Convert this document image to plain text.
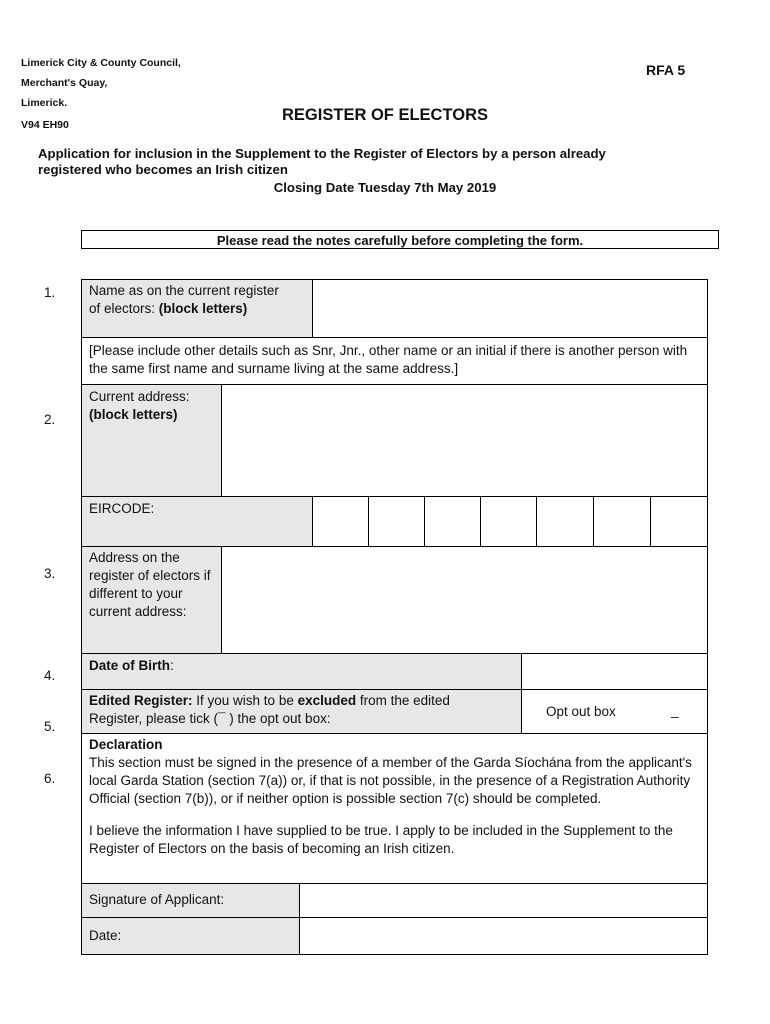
Limerick City & County Council,
Merchant's Quay,
Limerick.
V94 EH90
RFA 5
REGISTER OF ELECTORS
Application for inclusion in the Supplement to the Register of Electors by a person already
registered who becomes an Irish citizen
Closing Date Tuesday 7th May 2019
Please read the notes carefully before completing the form.
1.
2.
3.
4.
5.
6.
Name as on the current register
of electors: (block letters)
[Please include other details such as Snr, Jnr., other name or an initial if there is another person with the same first name and surname living at the same address.]
Current address:
(block letters)
EIRCODE:
Address on the register of electors if different to your current address:
Date of Birth:
Edited Register: If you wish to be excluded from the edited
Register, please tick (¯ ) the opt out box:	Opt out box	_
Declaration
This section must be signed in the presence of a member of the Garda Síochána from the applicant's local Garda Station (section 7(a)) or, if that is not possible, in the presence of a Registration Authority Official (section 7(b)), or if neither option is possible section 7(c) should be completed.
I believe the information I have supplied to be true. I apply to be included in the Supplement to the Register of Electors on the basis of becoming an Irish citizen.
Signature of Applicant:
Date:
